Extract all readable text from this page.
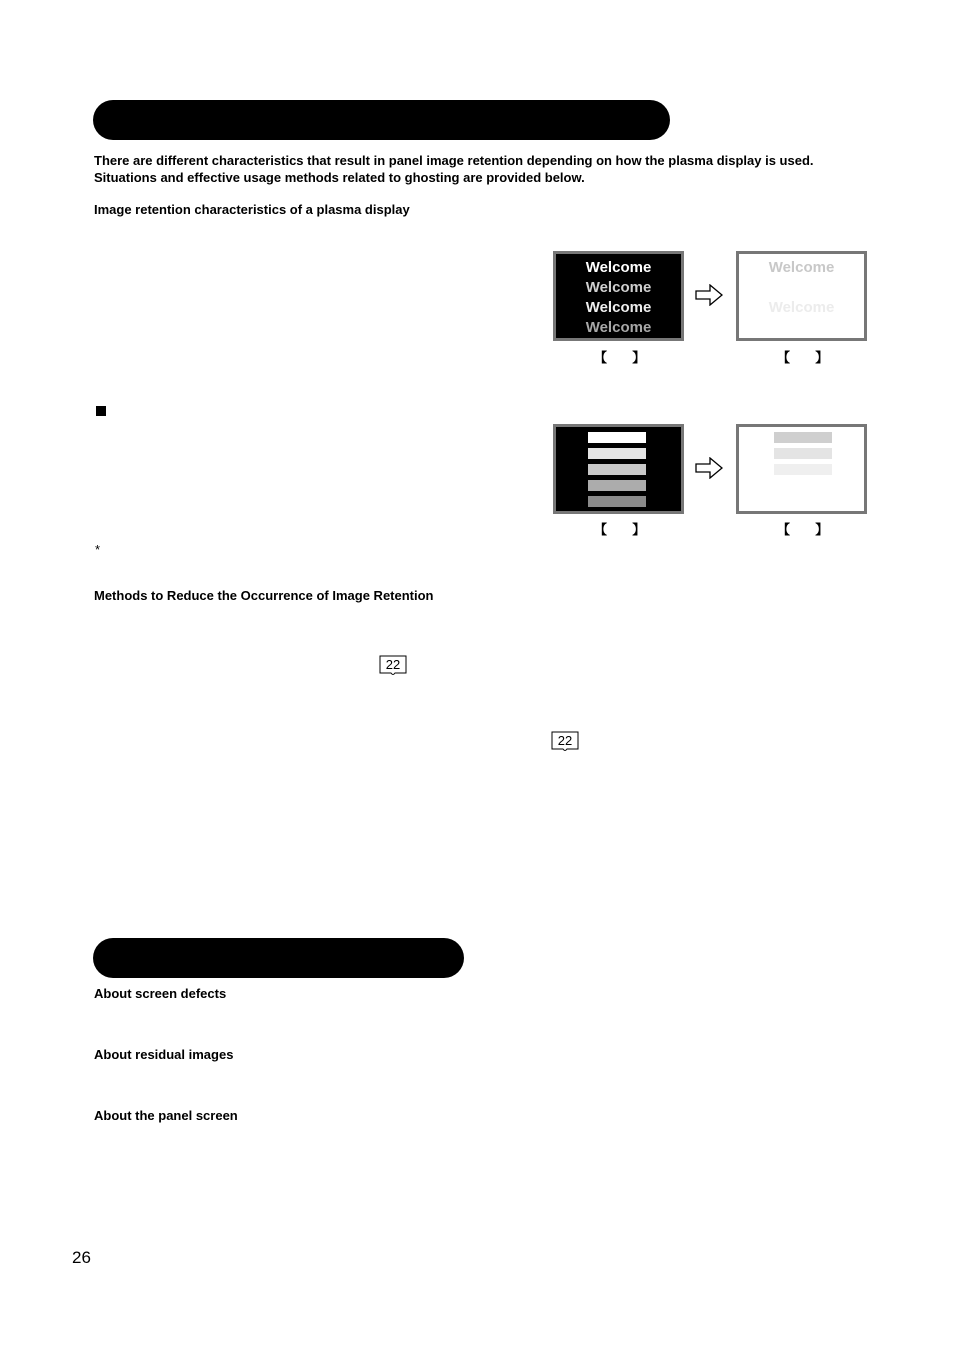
There are different characteristics that result in panel image retention depending on how the plasma display is used.
Situations and effective usage methods related to ghosting are provided below.
Image retention characteristics of a plasma display
Welcome
Welcome
Welcome
Welcome
Welcome
Welcome
【       】	【       】
【       】	【       】
*
Methods to Reduce the Occurrence of Image Retention
22
22
About screen defects
About residual images
About the panel screen
26
